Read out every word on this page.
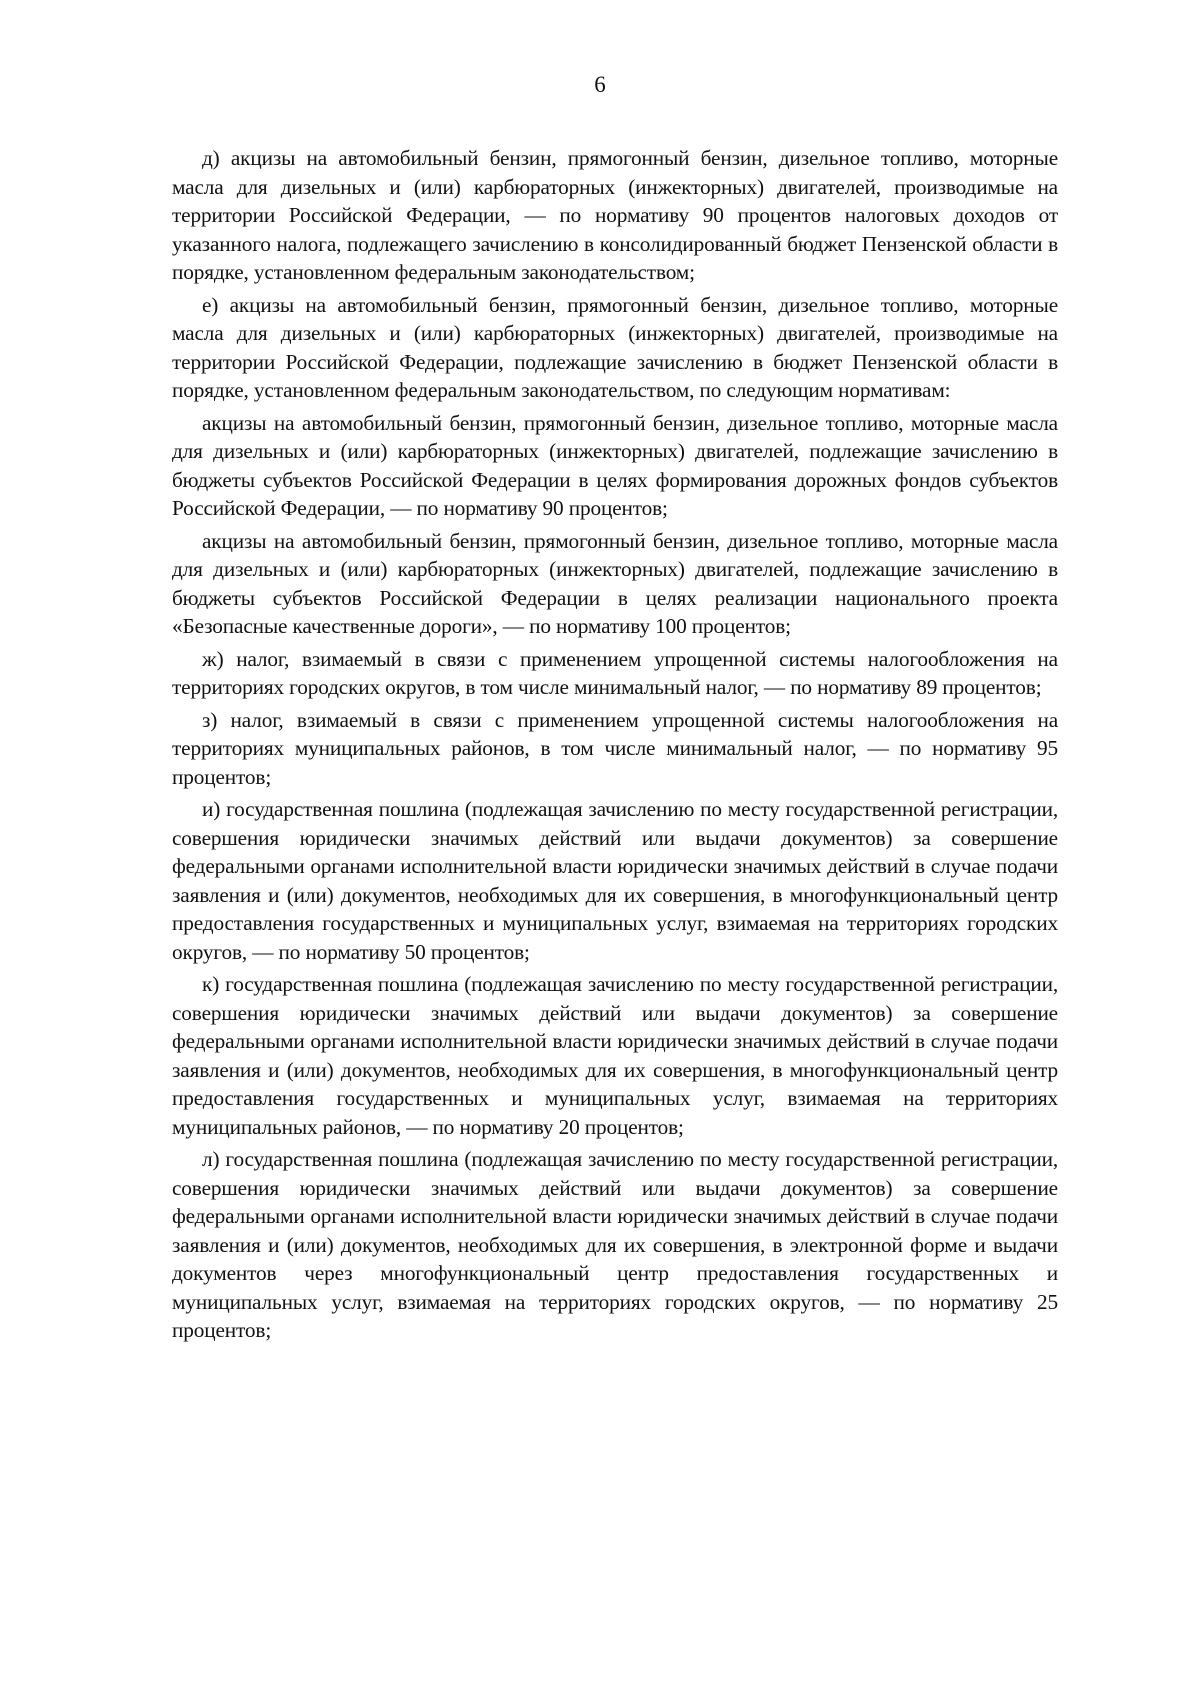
6

д) акцизы на автомобильный бензин, прямогонный бензин, дизельное топливо, моторные масла для дизельных и (или) карбюраторных (инжекторных) двигателей, производимые на территории Российской Федерации, — по нормативу 90 процентов налоговых доходов от указанного налога, подлежащего зачислению в консолидированный бюджет Пензенской области в порядке, установленном федеральным законодательством;

е) акцизы на автомобильный бензин, прямогонный бензин, дизельное топливо, моторные масла для дизельных и (или) карбюраторных (инжекторных) двигателей, производимые на территории Российской Федерации, подлежащие зачислению в бюджет Пензенской области в порядке, установленном федеральным законодательством, по следующим нормативам:

акцизы на автомобильный бензин, прямогонный бензин, дизельное топливо, моторные масла для дизельных и (или) карбюраторных (инжекторных) двигателей, подлежащие зачислению в бюджеты субъектов Российской Федерации в целях формирования дорожных фондов субъектов Российской Федерации, — по нормативу 90 процентов;

акцизы на автомобильный бензин, прямогонный бензин, дизельное топливо, моторные масла для дизельных и (или) карбюраторных (инжекторных) двигателей, подлежащие зачислению в бюджеты субъектов Российской Федерации в целях реализации национального проекта «Безопасные качественные дороги», — по нормативу 100 процентов;

ж) налог, взимаемый в связи с применением упрощенной системы налогообложения на территориях городских округов, в том числе минимальный налог, — по нормативу 89 процентов;

з) налог, взимаемый в связи с применением упрощенной системы налогообложения на территориях муниципальных районов, в том числе минимальный налог, — по нормативу 95 процентов;

и) государственная пошлина (подлежащая зачислению по месту государственной регистрации, совершения юридически значимых действий или выдачи документов) за совершение федеральными органами исполнительной власти юридически значимых действий в случае подачи заявления и (или) документов, необходимых для их совершения, в многофункциональный центр предоставления государственных и муниципальных услуг, взимаемая на территориях городских округов, — по нормативу 50 процентов;

к) государственная пошлина (подлежащая зачислению по месту государственной регистрации, совершения юридически значимых действий или выдачи документов) за совершение федеральными органами исполнительной власти юридически значимых действий в случае подачи заявления и (или) документов, необходимых для их совершения, в многофункциональный центр предоставления государственных и муниципальных услуг, взимаемая на территориях муниципальных районов, — по нормативу 20 процентов;

л) государственная пошлина (подлежащая зачислению по месту государственной регистрации, совершения юридически значимых действий или выдачи документов) за совершение федеральными органами исполнительной власти юридически значимых действий в случае подачи заявления и (или) документов, необходимых для их совершения, в электронной форме и выдачи документов через многофункциональный центр предоставления государственных и муниципальных услуг, взимаемая на территориях городских округов, — по нормативу 25 процентов;
